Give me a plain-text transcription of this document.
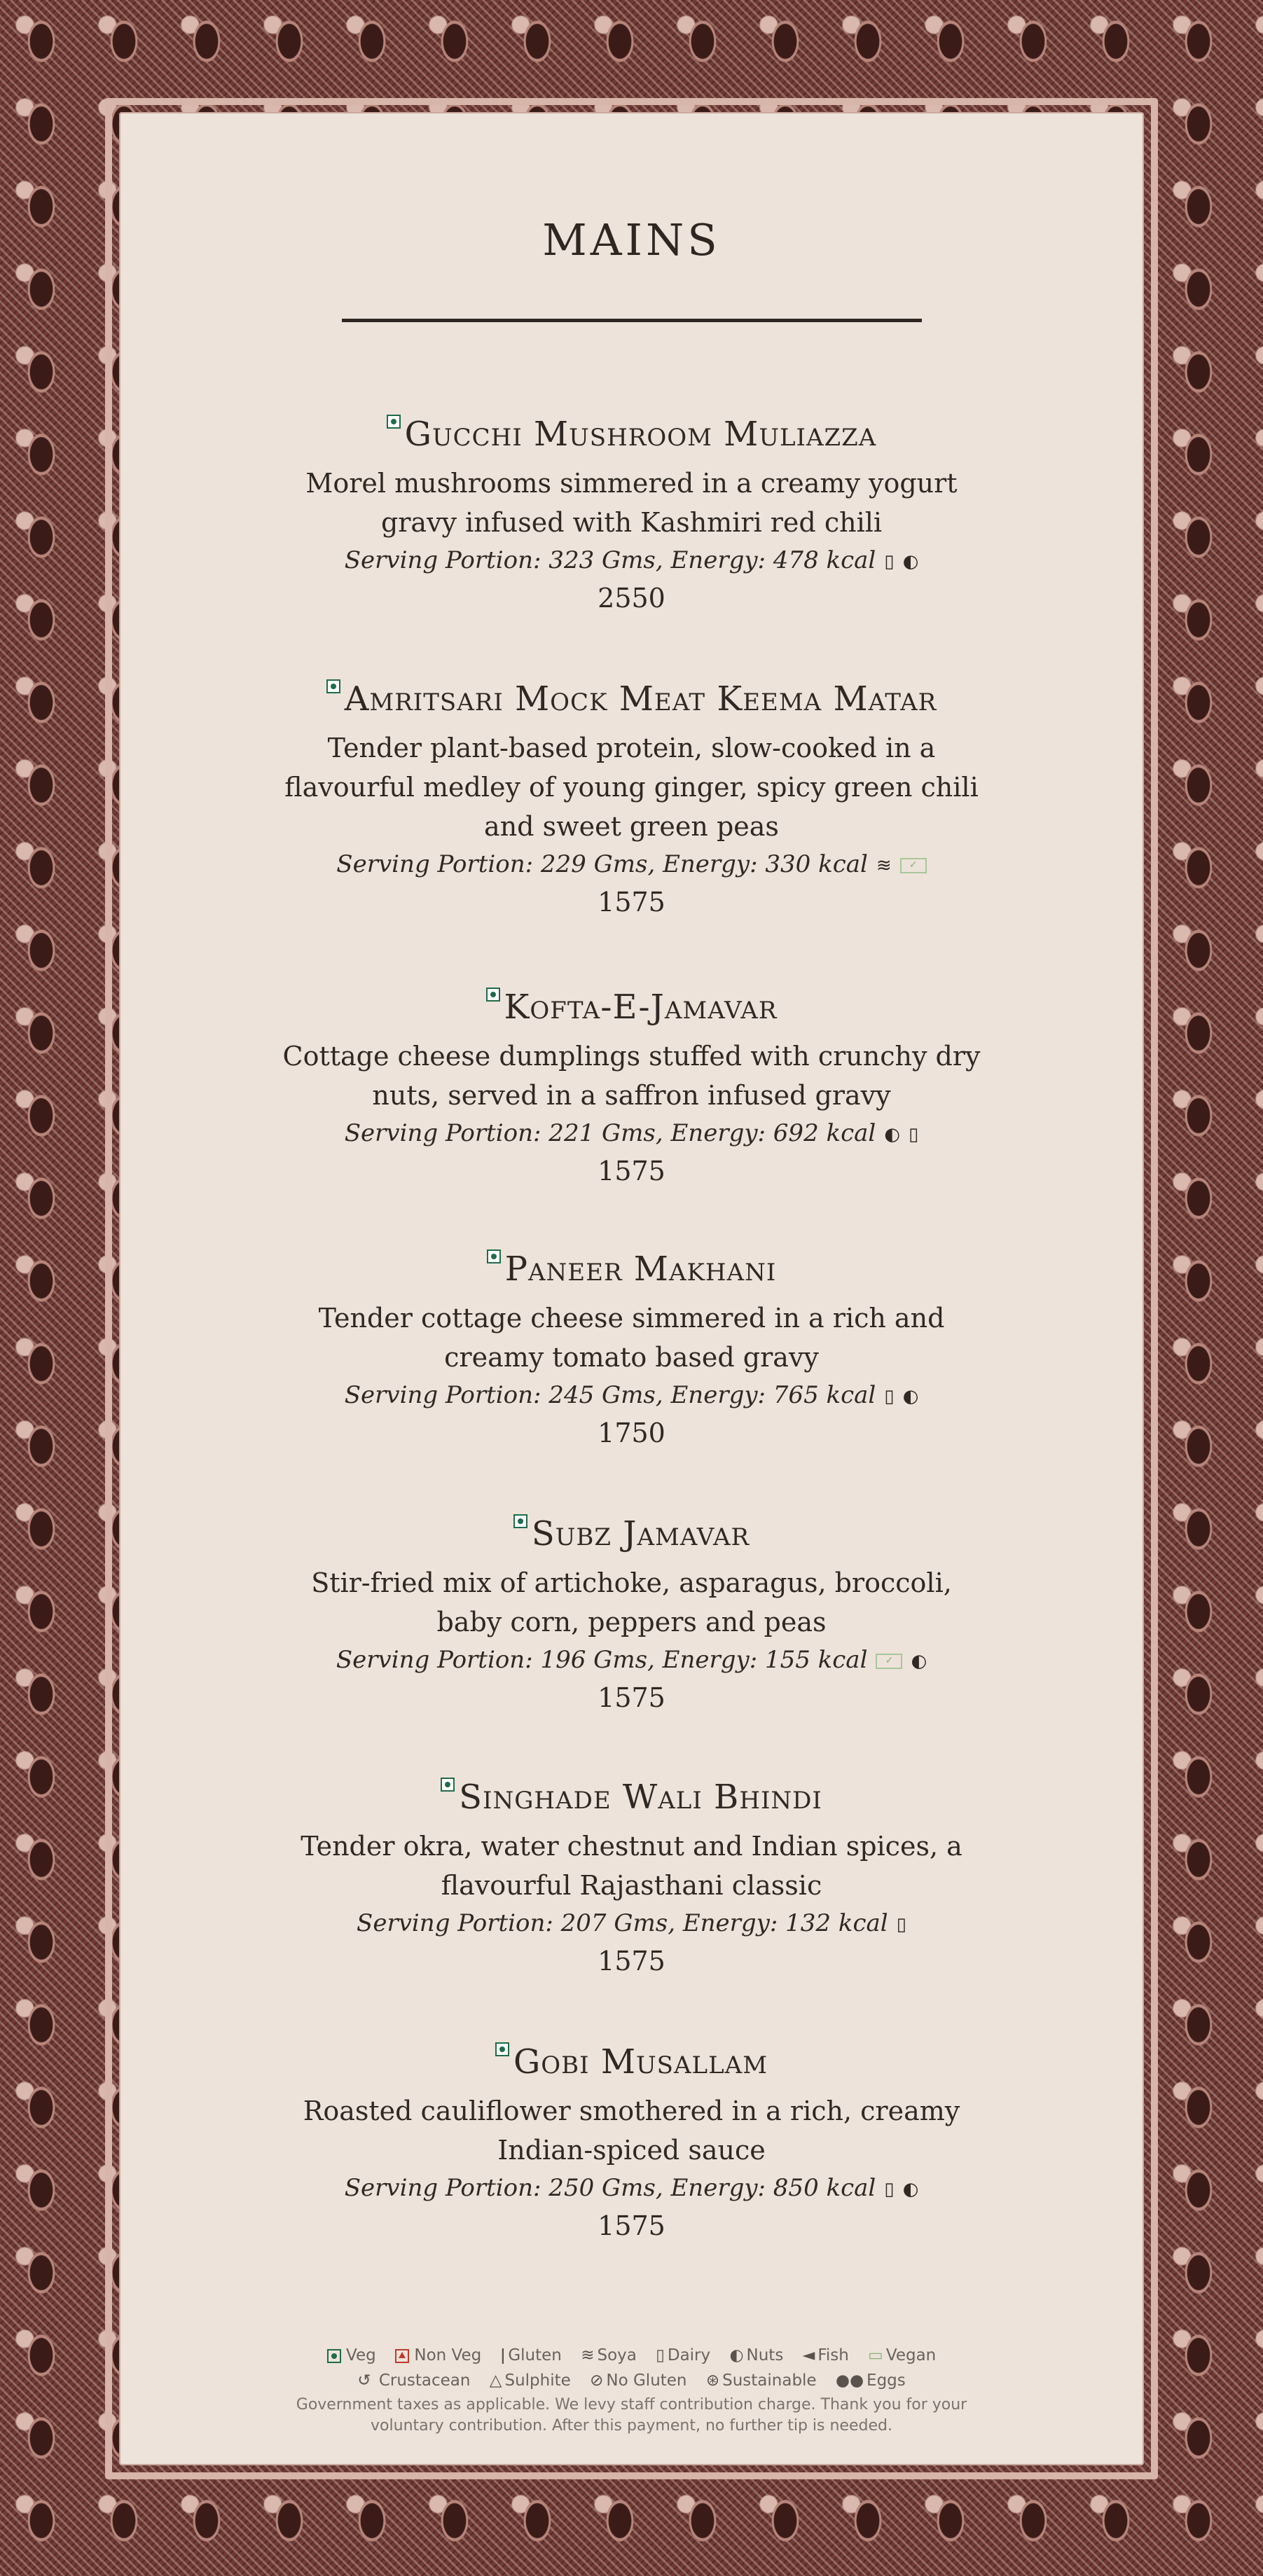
MAINS
Gucchi Mushroom Muliazza
Morel mushrooms simmered in a creamy yogurt gravy infused with Kashmiri red chili
Serving Portion: 323 Gms, Energy: 478 kcal ▯ ◐
2550
Amritsari Mock Meat Keema Matar
Tender plant-based protein, slow-cooked in a flavourful medley of young ginger, spicy green chili and sweet green peas
Serving Portion: 229 Gms, Energy: 330 kcal ≋ ✓
1575
Kofta-E-Jamavar
Cottage cheese dumplings stuffed with crunchy dry nuts, served in a saffron infused gravy
Serving Portion: 221 Gms, Energy: 692 kcal ◐ ▯
1575
Paneer Makhani
Tender cottage cheese simmered in a rich and creamy tomato based gravy
Serving Portion: 245 Gms, Energy: 765 kcal ▯ ◐
1750
Subz Jamavar
Stir-fried mix of artichoke, asparagus, broccoli, baby corn, peppers and peas
Serving Portion: 196 Gms, Energy: 155 kcal ✓ ◐
1575
Singhade Wali Bhindi
Tender okra, water chestnut and Indian spices, a flavourful Rajasthani classic
Serving Portion: 207 Gms, Energy: 132 kcal ▯
1575
Gobi Musallam
Roasted cauliflower smothered in a rich, creamy Indian-spiced sauce
Serving Portion: 250 Gms, Energy: 850 kcal ▯ ◐
1575
Veg Non Veg ǀ Gluten ≋ Soya ▯ Dairy ◐ Nuts ◄ Fish ▭ Vegan
↺ Crustacean △ Sulphite ⊘ No Gluten ⊛ Sustainable ●● Eggs
Government taxes as applicable. We levy staff contribution charge. Thank you for your voluntary contribution. After this payment, no further tip is needed.
